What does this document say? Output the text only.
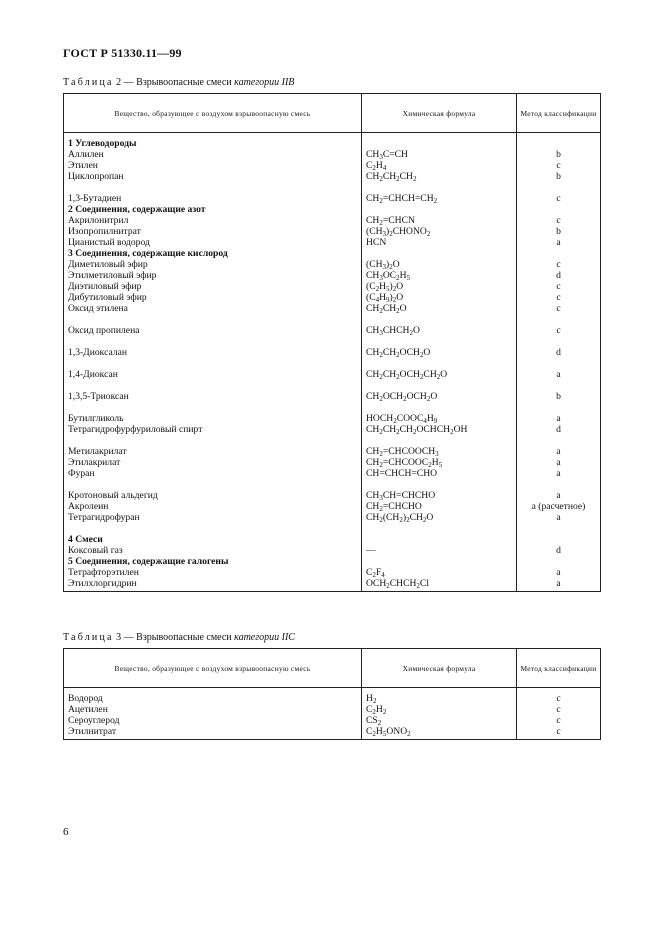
ГОСТ Р 51330.11—99
Таблица 2 — Взрывоопасные смеси категории IIB
Вещество, образующее с воздухом взрывоопасную смесь	Химическая формула	Метод классификации
1 Углеводороды		
Аллилен	$CH_3C=CH$	b
Этилен	$C_2H_4$	c
Циклопропан	$CH_2CH_2CH_2$	b

1,3-Бутадиен	$CH_2=CHCH=CH_2$	c
2 Соединения, содержащие азот		
Акрилонитрил	$CH_2=CHCN$	c
Изопропилнитрат	$(CH_3)_2CHONO_2$	b
Цианистый водород	HCN	a
3 Соединения, содержащие кислород		
Диметиловый эфир	$(CH_3)_2O$	c
Этилметиловый эфир	$CH_3OC_2H_5$	d
Диэтиловый эфир	$(C_2H_5)_2O$	c
Дибутиловый эфир	$(C_4H_9)_2O$	c
Оксид этилена	$CH_2CH_2O$	c

Оксид пропилена	$CH_3CHCH_2O$	c

1,3-Диоксалан	$CH_2CH_2OCH_2O$	d

1,4-Диоксан	$CH_2CH_2OCH_2CH_2O$	a

1,3,5-Триоксан	$CH_2OCH_2OCH_2O$	b

Бутилгликоль	$HOCH_2COOC_4H_9$	a
Тетрагидрофурфуриловый спирт	$CH_2CH_2CH_2OCHCH_2OH$	d

Метилакрилат	$CH_2=CHCOOCH_3$	a
Этилакрилат	$CH_2=CHCOOC_2H_5$	a
Фуран	CH=CHCH=CHO	a

Кротоновый альдегид	$CH_3CH=CHCHO$	a
Акролеин	$CH_2=CHCHO$	a (расчетное)
Тетрагидрофуран	$CH_2(CH_2)_2CH_2O$	a

4 Смеси		
Коксовый газ	—	d
5 Соединения, содержащие галогены		
Тетрафторэтилен	$C_2F_4$	a
Этилхлоргидрин	$OCH_2CHCH_2Cl$	a
Таблица 3 — Взрывоопасные смеси категории IIC
Вещество, образующее с воздухом взрывоопасную смесь	Химическая формула	Метод классификации
Водород	$H_2$	c
Ацетилен	$C_2H_2$	c
Сероуглерод	$CS_2$	c
Этилнитрат	$C_2H_5ONO_2$	c
6
